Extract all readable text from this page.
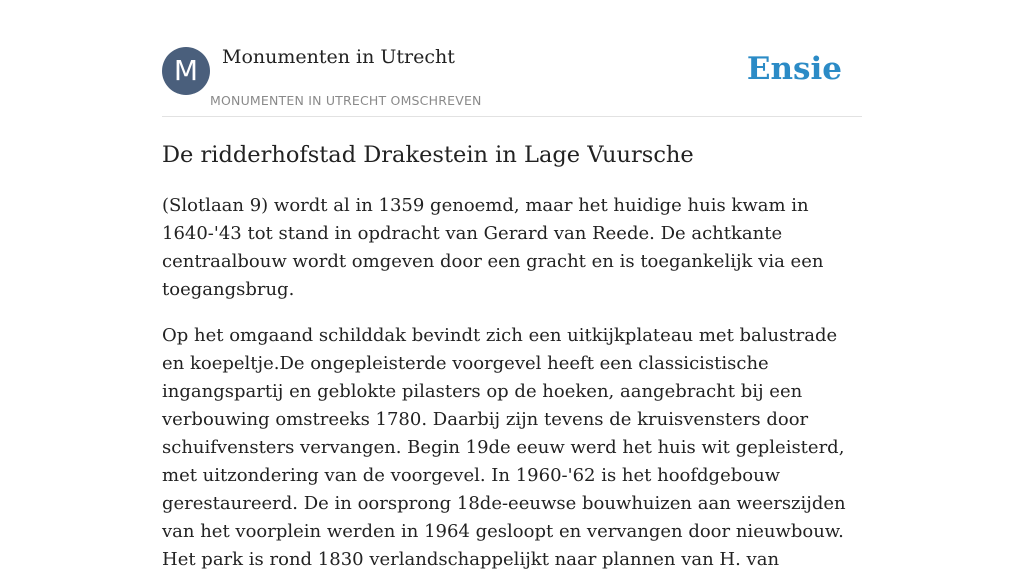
M	Monumenten in Utrecht
MONUMENTEN IN UTRECHT OMSCHREVEN
Ensie
De ridderhofstad Drakestein in Lage Vuursche

(Slotlaan 9) wordt al in 1359 genoemd, maar het huidige huis kwam in 1640-'43 tot stand in opdracht van Gerard van Reede. De achtkante centraalbouw wordt omgeven door een gracht en is toegankelijk via een toegangsbrug.

Op het omgaand schilddak bevindt zich een uitkijkplateau met balustrade en koepeltje.De ongepleisterde voorgevel heeft een classicistische ingangspartij en geblokte pilasters op de hoeken, aangebracht bij een verbouwing omstreeks 1780. Daarbij zijn tevens de kruisvensters door schuifvensters vervangen. Begin 19de eeuw werd het huis wit gepleisterd, met uitzondering van de voorgevel. In 1960-'62 is het hoofdgebouw gerestaureerd. De in oorsprong 18de-eeuwse bouwhuizen aan weerszijden van het voorplein werden in 1964 gesloopt en vervangen door nieuwbouw. Het park is rond 1830 verlandschappelijkt naar plannen van H. van
